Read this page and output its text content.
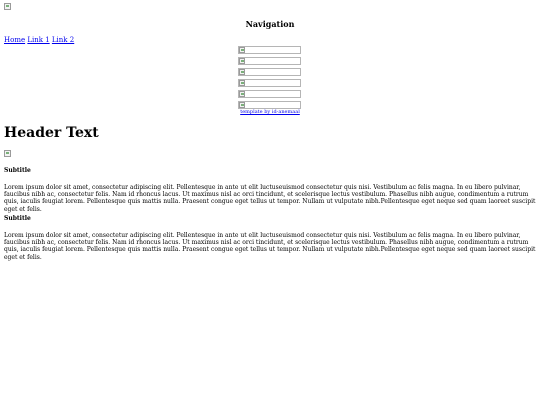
Navigation
Home Link 1 Link 2
template by id-anemaal
Header Text
Subtitle

Lorem ipsum dolor sit amet, consectetur adipiscing elit. Pellentesque in ante ut elit luctuseuismod consectetur quis nisi. Vestibulum ac felis magna. In eu libero pulvinar, faucibus nibh ac, consectetur felis. Nam id rhoncus lacus. Ut maximus nisl ac orci tincidunt, et scelerisque lectus vestibulum. Phasellus nibh augue, condimentum a rutrum quis, iaculis feugiat lorem. Pellentesque quis mattis nulla. Praesent congue eget tellus ut tempor. Nullam ut vulputate nibh.Pellentesque eget neque sed quam laoreet suscipit eget et felis.

Subtitle

Lorem ipsum dolor sit amet, consectetur adipiscing elit. Pellentesque in ante ut elit luctuseuismod consectetur quis nisi. Vestibulum ac felis magna. In eu libero pulvinar, faucibus nibh ac, consectetur felis. Nam id rhoncus lacus. Ut maximus nisl ac orci tincidunt, et scelerisque lectus vestibulum. Phasellus nibh augue, condimentum a rutrum quis, iaculis feugiat lorem. Pellentesque quis mattis nulla. Praesent congue eget tellus ut tempor. Nullam ut vulputate nibh.Pellentesque eget neque sed quam laoreet suscipit eget et felis.
